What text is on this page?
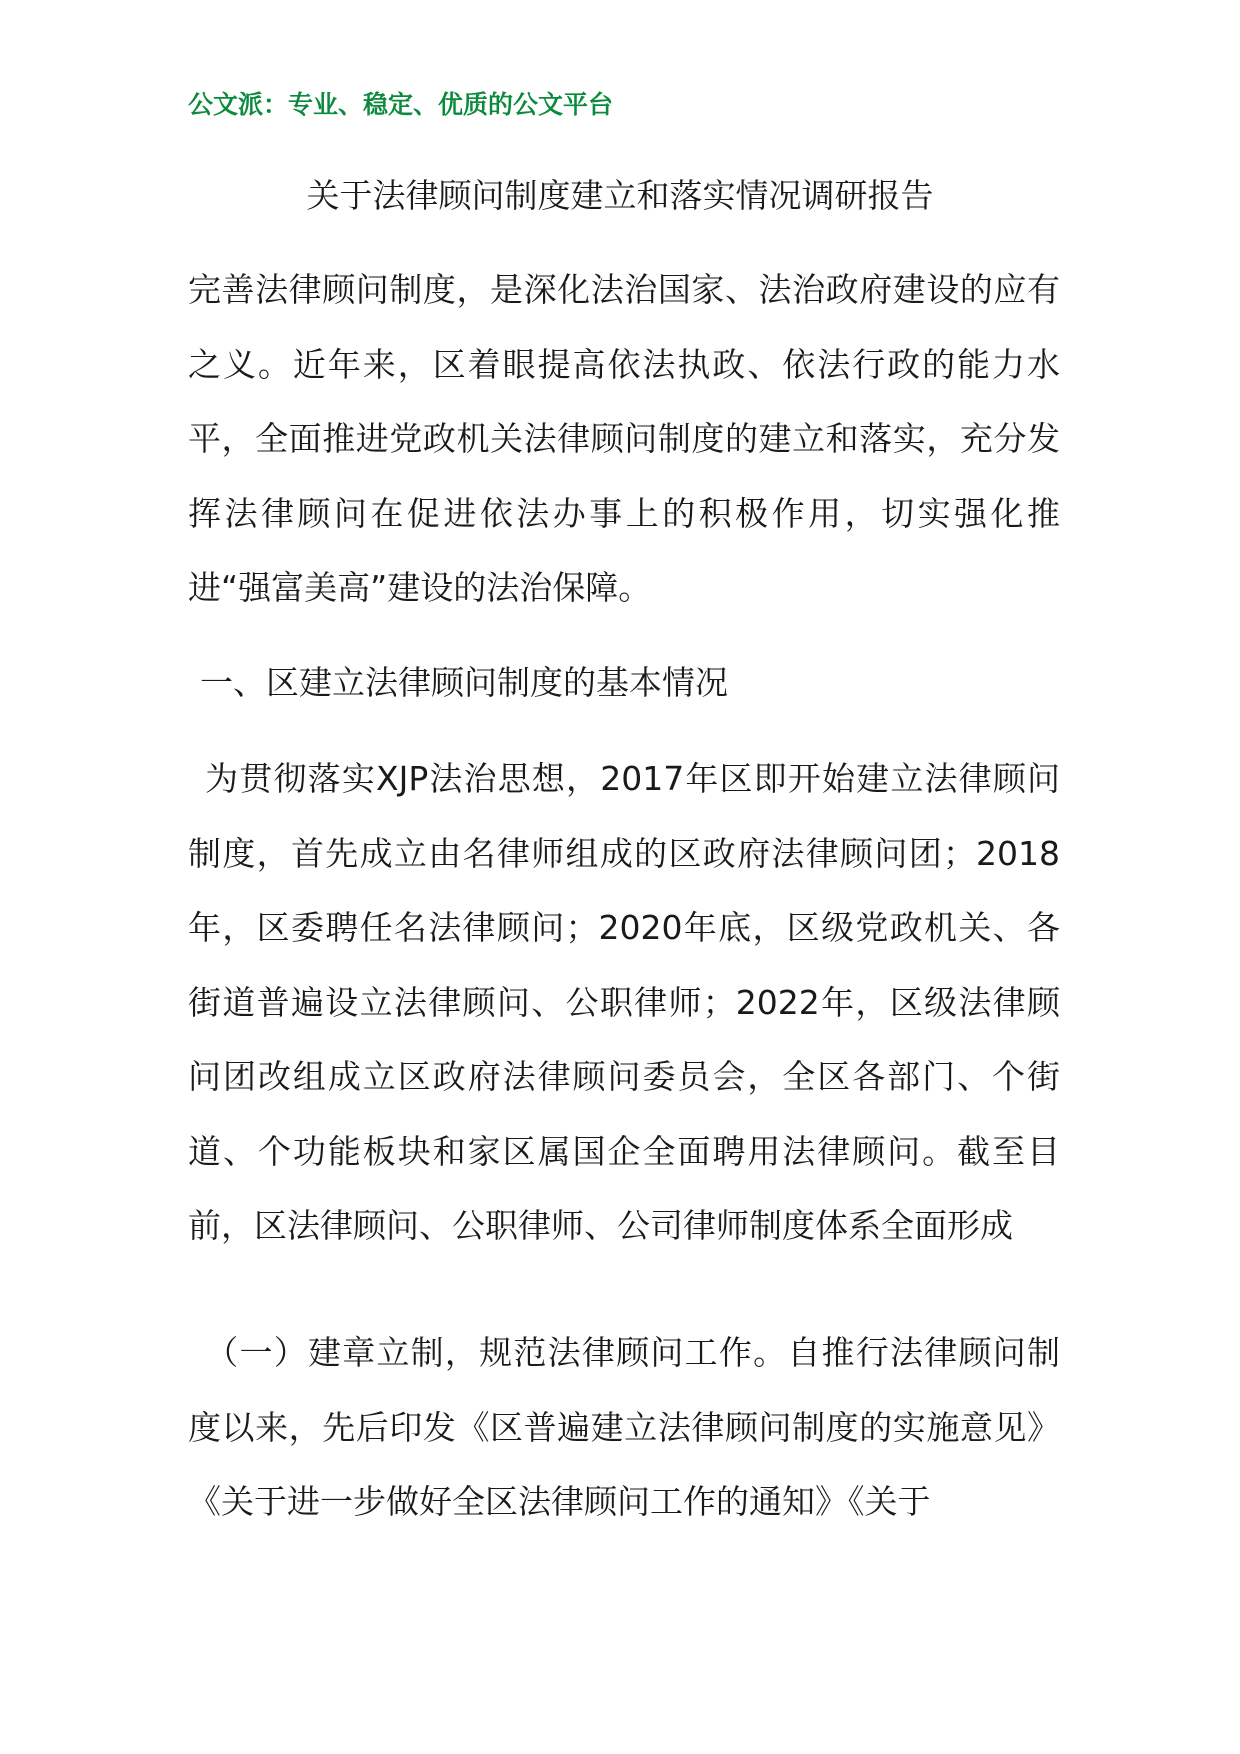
公文派：专业、稳定、优质的公文平台
关于法律顾问制度建立和落实情况调研报告

完善法律顾问制度，是深化法治国家、法治政府建设的应有之义。近年来，区着眼提高依法执政、依法行政的能力水平，全面推进党政机关法律顾问制度的建立和落实，充分发挥法律顾问在促进依法办事上的积极作用，切实强化推进“强富美高”建设的法治保障。

一、区建立法律顾问制度的基本情况

为贯彻落实XJP法治思想，2017年区即开始建立法律顾问制度，首先成立由名律师组成的区政府法律顾问团；2018年，区委聘任名法律顾问；2020年底，区级党政机关、各街道普遍设立法律顾问、公职律师；2022年，区级法律顾问团改组成立区政府法律顾问委员会，全区各部门、个街道、个功能板块和家区属国企全面聘用法律顾问。截至目前，区法律顾问、公职律师、公司律师制度体系全面形成

（一）建章立制，规范法律顾问工作。自推行法律顾问制度以来，先后印发《区普遍建立法律顾问制度的实施意见》《关于进一步做好全区法律顾问工作的通知》《关于
